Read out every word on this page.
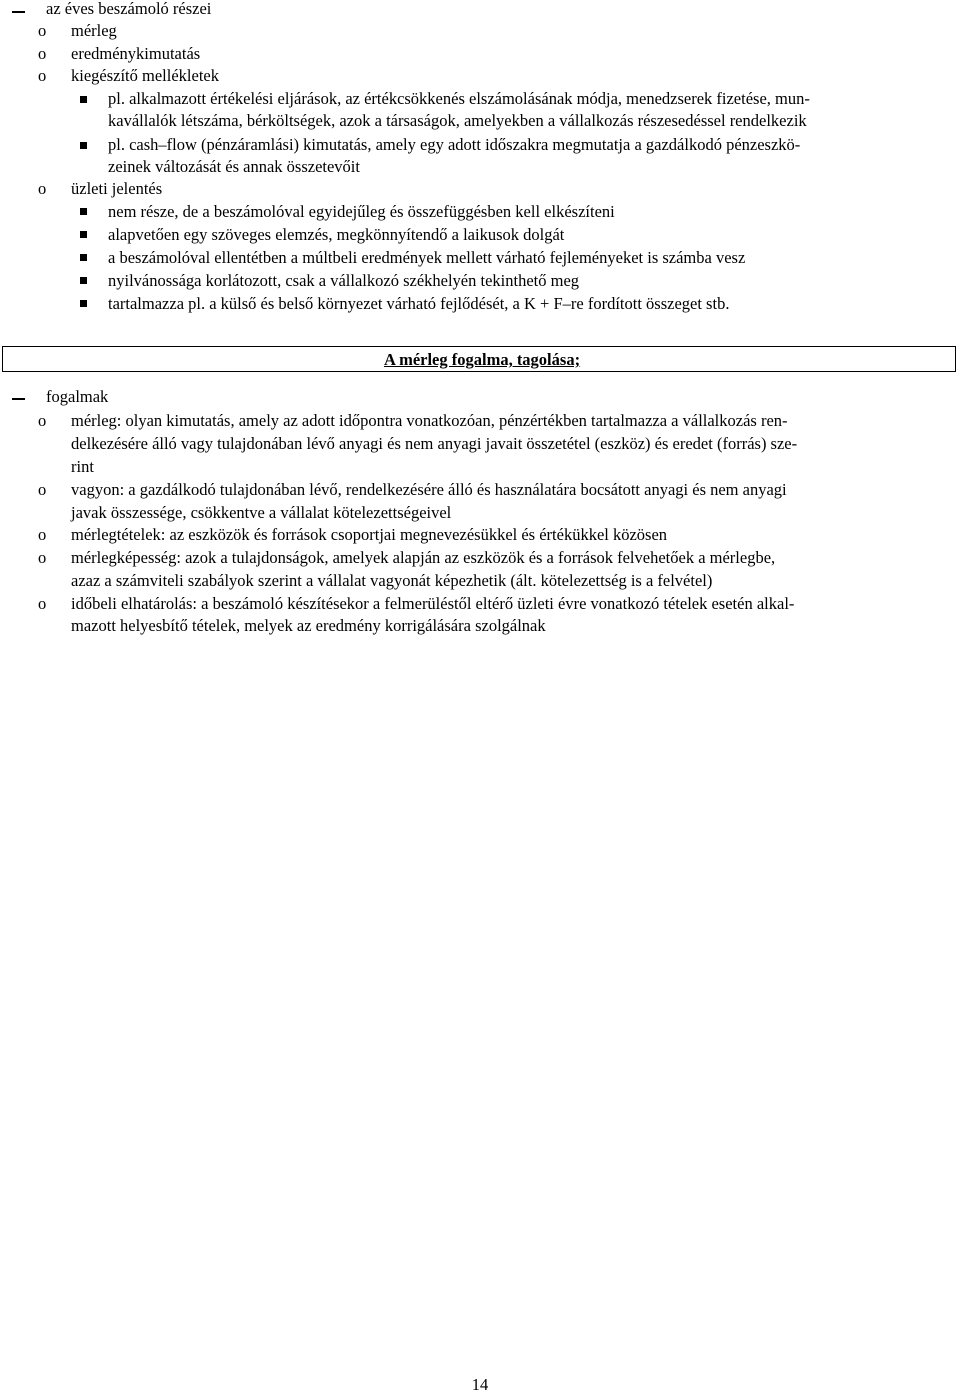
az éves beszámoló részei
o mérleg
o eredménykimutatás
o kiegészítő mellékletek
pl. alkalmazott értékelési eljárások, az értékcsökkenés elszámolásának módja, menedzserek fizetése, mun-
kavállalók létszáma, bérköltségek, azok a társaságok, amelyekben a vállalkozás részesedéssel rendelkezik
pl. cash–flow (pénzáramlási) kimutatás, amely egy adott időszakra megmutatja a gazdálkodó pénzeszkö-
zeinek változását és annak összetevőit
o üzleti jelentés
nem része, de a beszámolóval egyidejűleg és összefüggésben kell elkészíteni
alapvetően egy szöveges elemzés, megkönnyítendő a laikusok dolgát
a beszámolóval ellentétben a múltbeli eredmények mellett várható fejleményeket is számba vesz
nyilvánossága korlátozott, csak a vállalkozó székhelyén tekinthető meg
tartalmazza pl. a külső és belső környezet várható fejlődését, a K + F–re fordított összeget stb.
A mérleg fogalma, tagolása;
fogalmak
o mérleg: olyan kimutatás, amely az adott időpontra vonatkozóan, pénzértékben tartalmazza a vállalkozás ren-
delkezésére álló vagy tulajdonában lévő anyagi és nem anyagi javait összetétel (eszköz) és eredet (forrás) sze-
rint
o vagyon: a gazdálkodó tulajdonában lévő, rendelkezésére álló és használatára bocsátott anyagi és nem anyagi
javak összessége, csökkentve a vállalat kötelezettségeivel
o mérlegtételek: az eszközök és források csoportjai megnevezésükkel és értékükkel közösen
o mérlegképesség: azok a tulajdonságok, amelyek alapján az eszközök és a források felvehetőek a mérlegbe,
azaz a számviteli szabályok szerint a vállalat vagyonát képezhetik (ált. kötelezettség is a felvétel)
o időbeli elhatárolás: a beszámoló készítésekor a felmerüléstől eltérő üzleti évre vonatkozó tételek esetén alkal-
mazott helyesbítő tételek, melyek az eredmény korrigálására szolgálnak
14
